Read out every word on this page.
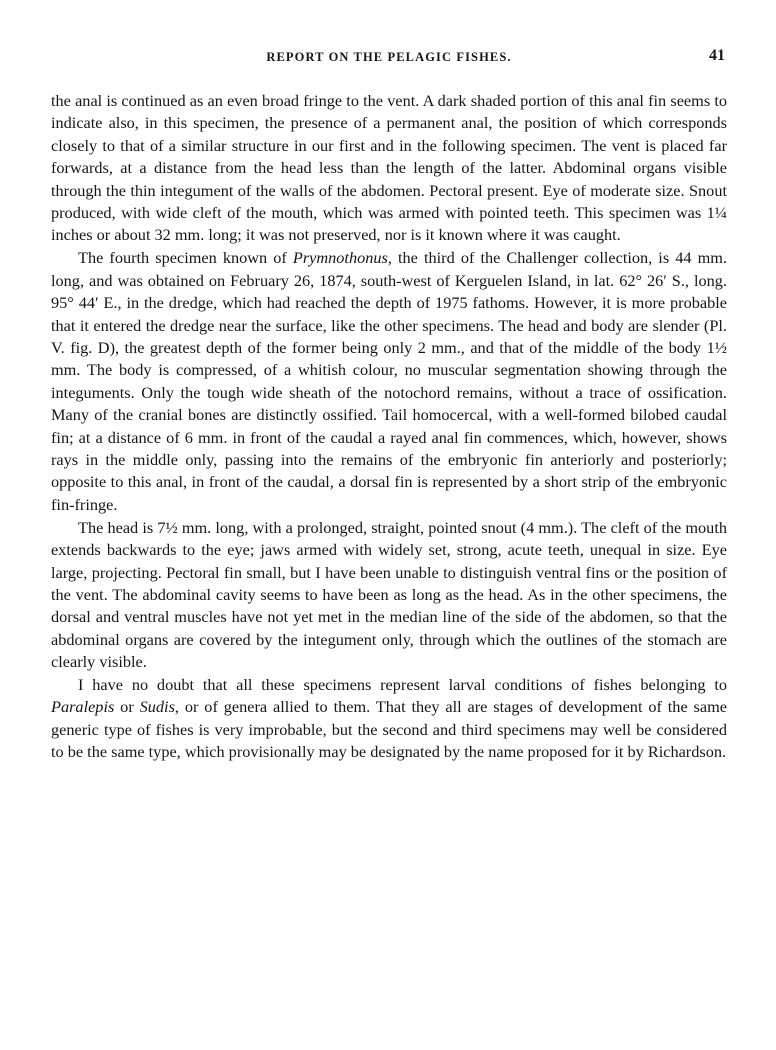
REPORT ON THE PELAGIC FISHES.	41

the anal is continued as an even broad fringe to the vent. A dark shaded portion of this anal fin seems to indicate also, in this specimen, the presence of a permanent anal, the position of which corresponds closely to that of a similar structure in our first and in the following specimen. The vent is placed far forwards, at a distance from the head less than the length of the latter. Abdominal organs visible through the thin integument of the walls of the abdomen. Pectoral present. Eye of moderate size. Snout produced, with wide cleft of the mouth, which was armed with pointed teeth. This specimen was 1¼ inches or about 32 mm. long; it was not preserved, nor is it known where it was caught.

The fourth specimen known of Prymnothonus, the third of the Challenger collection, is 44 mm. long, and was obtained on February 26, 1874, south-west of Kerguelen Island, in lat. 62° 26′ S., long. 95° 44′ E., in the dredge, which had reached the depth of 1975 fathoms. However, it is more probable that it entered the dredge near the surface, like the other specimens. The head and body are slender (Pl. V. fig. D), the greatest depth of the former being only 2 mm., and that of the middle of the body 1½ mm. The body is compressed, of a whitish colour, no muscular segmentation showing through the integuments. Only the tough wide sheath of the notochord remains, without a trace of ossification. Many of the cranial bones are distinctly ossified. Tail homocercal, with a well-formed bilobed caudal fin; at a distance of 6 mm. in front of the caudal a rayed anal fin commences, which, however, shows rays in the middle only, passing into the remains of the embryonic fin anteriorly and posteriorly; opposite to this anal, in front of the caudal, a dorsal fin is represented by a short strip of the embryonic fin-fringe.

The head is 7½ mm. long, with a prolonged, straight, pointed snout (4 mm.). The cleft of the mouth extends backwards to the eye; jaws armed with widely set, strong, acute teeth, unequal in size. Eye large, projecting. Pectoral fin small, but I have been unable to distinguish ventral fins or the position of the vent. The abdominal cavity seems to have been as long as the head. As in the other specimens, the dorsal and ventral muscles have not yet met in the median line of the side of the abdomen, so that the abdominal organs are covered by the integument only, through which the outlines of the stomach are clearly visible.

I have no doubt that all these specimens represent larval conditions of fishes belonging to Paralepis or Sudis, or of genera allied to them. That they all are stages of development of the same generic type of fishes is very improbable, but the second and third specimens may well be considered to be the same type, which provisionally may be designated by the name proposed for it by Richardson.
